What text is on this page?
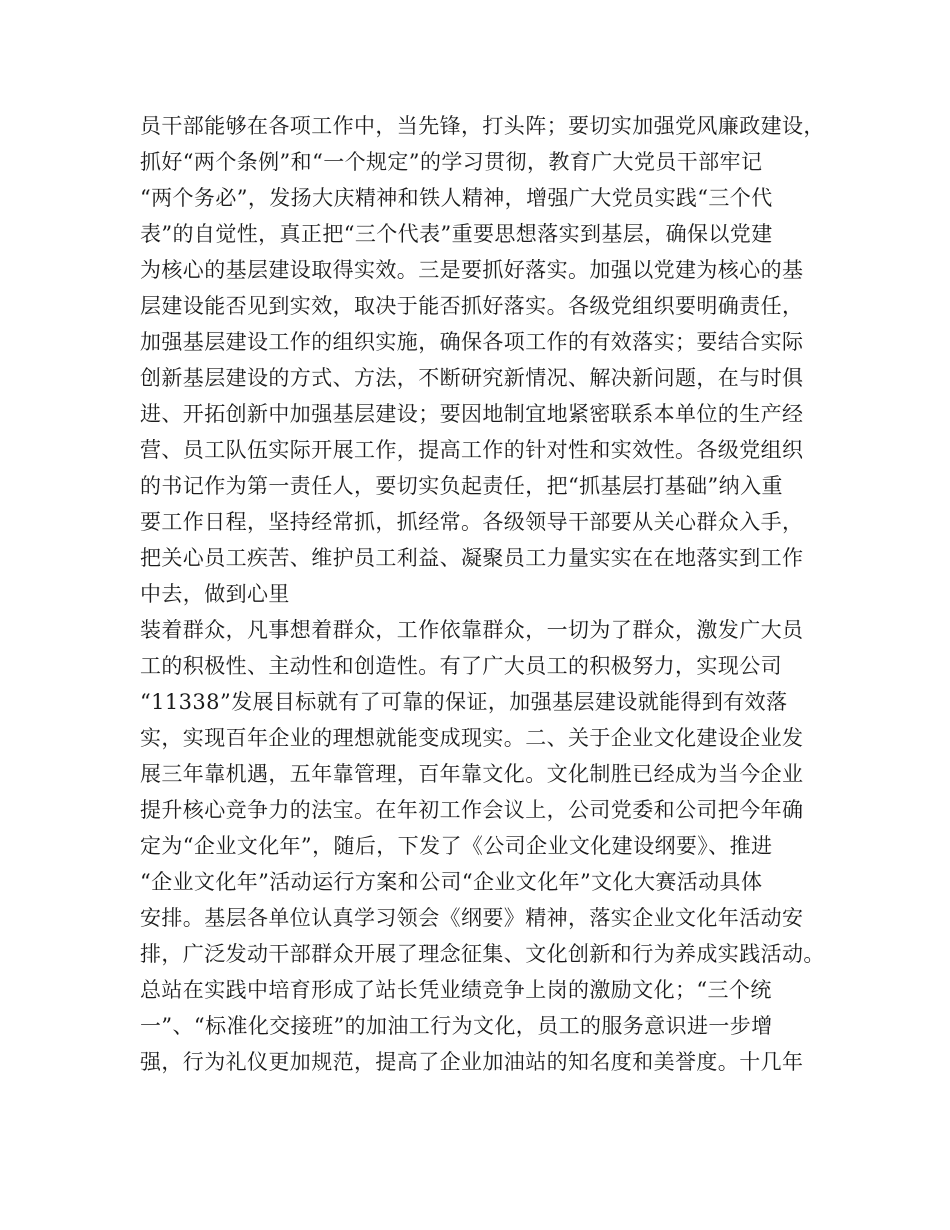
员干部能够在各项工作中，当先锋，打头阵；要切实加强党风廉政建设，
抓好“两个条例”和“一个规定”的学习贯彻，教育广大党员干部牢记
“两个务必”，发扬大庆精神和铁人精神，增强广大党员实践“三个代
表”的自觉性，真正把“三个代表”重要思想落实到基层，确保以党建
为核心的基层建设取得实效。三是要抓好落实。加强以党建为核心的基
层建设能否见到实效，取决于能否抓好落实。各级党组织要明确责任，
加强基层建设工作的组织实施，确保各项工作的有效落实；要结合实际
创新基层建设的方式、方法，不断研究新情况、解决新问题，在与时俱
进、开拓创新中加强基层建设；要因地制宜地紧密联系本单位的生产经
营、员工队伍实际开展工作，提高工作的针对性和实效性。各级党组织
的书记作为第一责任人，要切实负起责任，把“抓基层打基础”纳入重
要工作日程，坚持经常抓，抓经常。各级领导干部要从关心群众入手，
把关心员工疾苦、维护员工利益、凝聚员工力量实实在在地落实到工作
中去，做到心里
装着群众，凡事想着群众，工作依靠群众，一切为了群众，激发广大员
工的积极性、主动性和创造性。有了广大员工的积极努力，实现公司
“11338”发展目标就有了可靠的保证，加强基层建设就能得到有效落
实，实现百年企业的理想就能变成现实。二、关于企业文化建设企业发
展三年靠机遇，五年靠管理，百年靠文化。文化制胜已经成为当今企业
提升核心竞争力的法宝。在年初工作会议上，公司党委和公司把今年确
定为“企业文化年”，随后，下发了《公司企业文化建设纲要》、推进
“企业文化年”活动运行方案和公司“企业文化年”文化大赛活动具体
安排。基层各单位认真学习领会《纲要》精神，落实企业文化年活动安
排，广泛发动干部群众开展了理念征集、文化创新和行为养成实践活动。
总站在实践中培育形成了站长凭业绩竞争上岗的激励文化；“三个统
一”、“标准化交接班”的加油工行为文化，员工的服务意识进一步增
强，行为礼仪更加规范，提高了企业加油站的知名度和美誉度。十几年
